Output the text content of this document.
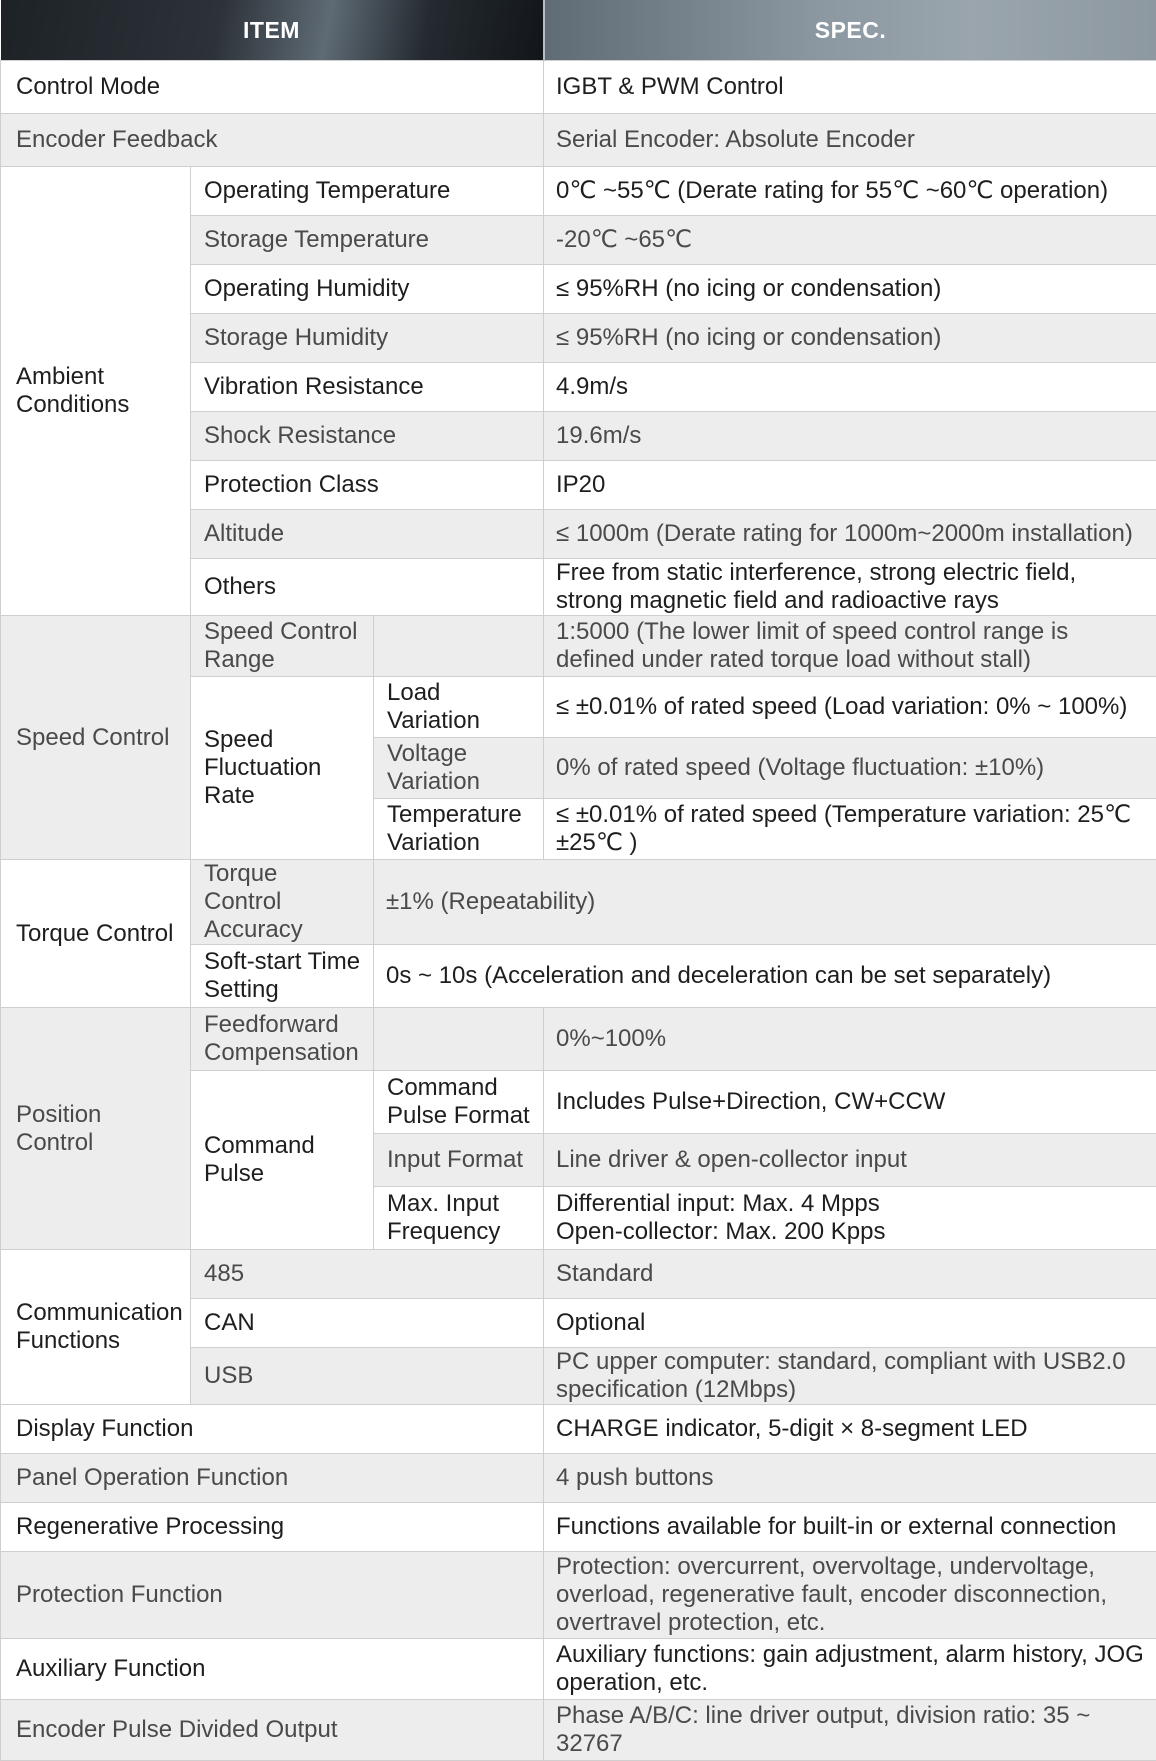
ITEM			SPEC.
Control Mode			IGBT & PWM Control
Encoder Feedback			Serial Encoder: Absolute Encoder
Ambient Conditions	Operating Temperature		0℃ ~55℃ (Derate rating for 55℃ ~60℃ operation)
	Storage Temperature		-20℃ ~65℃
	Operating Humidity		≤ 95%RH (no icing or condensation)
	Storage Humidity		≤ 95%RH (no icing or condensation)
	Vibration Resistance		4.9m/s
	Shock Resistance		19.6m/s
	Protection Class		IP20
	Altitude		≤ 1000m (Derate rating for 1000m~2000m installation)
	Others		Free from static interference, strong electric field, strong magnetic field and radioactive rays
Speed Control	Speed Control Range		1:5000 (The lower limit of speed control range is defined under rated torque load without stall)
	Speed Fluctuation Rate	Load Variation	≤ ±0.01% of rated speed (Load variation: 0% ~ 100%)
		Voltage Variation	0% of rated speed (Voltage fluctuation: ±10%)
		Temperature Variation	≤ ±0.01% of rated speed (Temperature variation: 25℃ ±25℃ )
Torque Control	Torque Control Accuracy	±1% (Repeatability)	
	Soft-start Time Setting	0s ~ 10s (Acceleration and deceleration can be set separately)	
Position Control	Feedforward Compensation		0%~100%
	Command Pulse	Command Pulse Format	Includes Pulse+Direction, CW+CCW
		Input Format	Line driver & open-collector input
		Max. Input Frequency	Differential input: Max. 4 Mpps
Open-collector: Max. 200 Kpps

Communication Functions	485		Standard
	CAN		Optional
	USB		PC upper computer: standard, compliant with USB2.0 specification (12Mbps)
Display Function			CHARGE indicator, 5-digit × 8-segment LED
Panel Operation Function			4 push buttons
Regenerative Processing			Functions available for built-in or external connection
Protection Function			Protection: overcurrent, overvoltage, undervoltage, overload, regenerative fault, encoder disconnection, overtravel protection, etc.
Auxiliary Function			Auxiliary functions: gain adjustment, alarm history, JOG operation, etc.
Encoder Pulse Divided Output			Phase A/B/C: line driver output, division ratio: 35 ~ 32767
